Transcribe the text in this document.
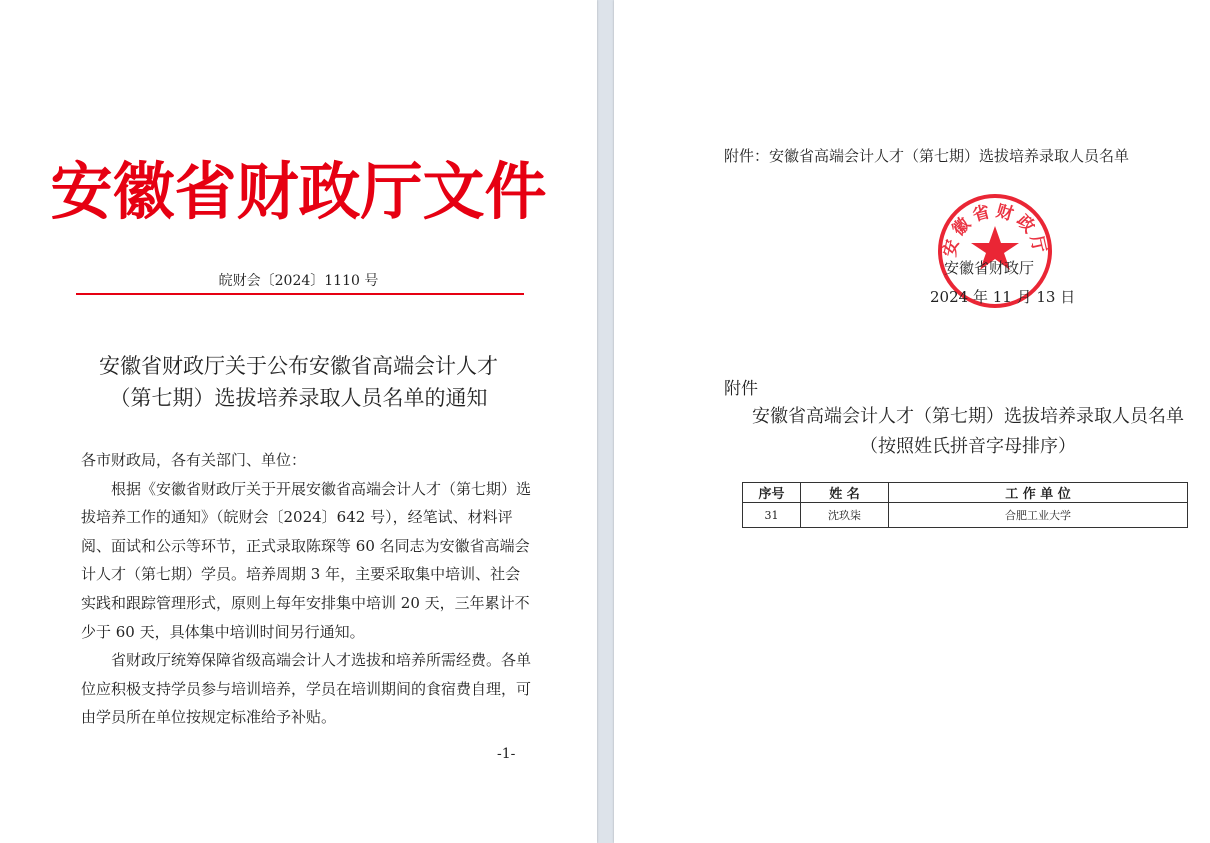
安徽省财政厅文件
皖财会〔2024〕1110 号
安徽省财政厅关于公布安徽省高端会计人才
（第七期）选拔培养录取人员名单的通知

各市财政局，各有关部门、单位：

根据《安徽省财政厅关于开展安徽省高端会计人才（第七期）选拔培养工作的通知》（皖财会〔2024〕642 号），经笔试、材料评阅、面试和公示等环节，正式录取陈琛等 60 名同志为安徽省高端会计人才（第七期）学员。培养周期 3 年，主要采取集中培训、社会实践和跟踪管理形式，原则上每年安排集中培训 20 天，三年累计不少于 60 天，具体集中培训时间另行通知。

省财政厅统筹保障省级高端会计人才选拔和培养所需经费。各单位应积极支持学员参与培训培养，学员在培训期间的食宿费自理，可由学员所在单位按规定标准给予补贴。

-1-
附件：安徽省高端会计人才（第七期）选拔培养录取人员名单
安徽省财政厅
安徽省财政厅
2024 年 11 月 13 日
附件
安徽省高端会计人才（第七期）选拔培养录取人员名单
（按照姓氏拼音字母排序）
序号	姓 名	工 作 单 位
31	沈玖柒	合肥工业大学
